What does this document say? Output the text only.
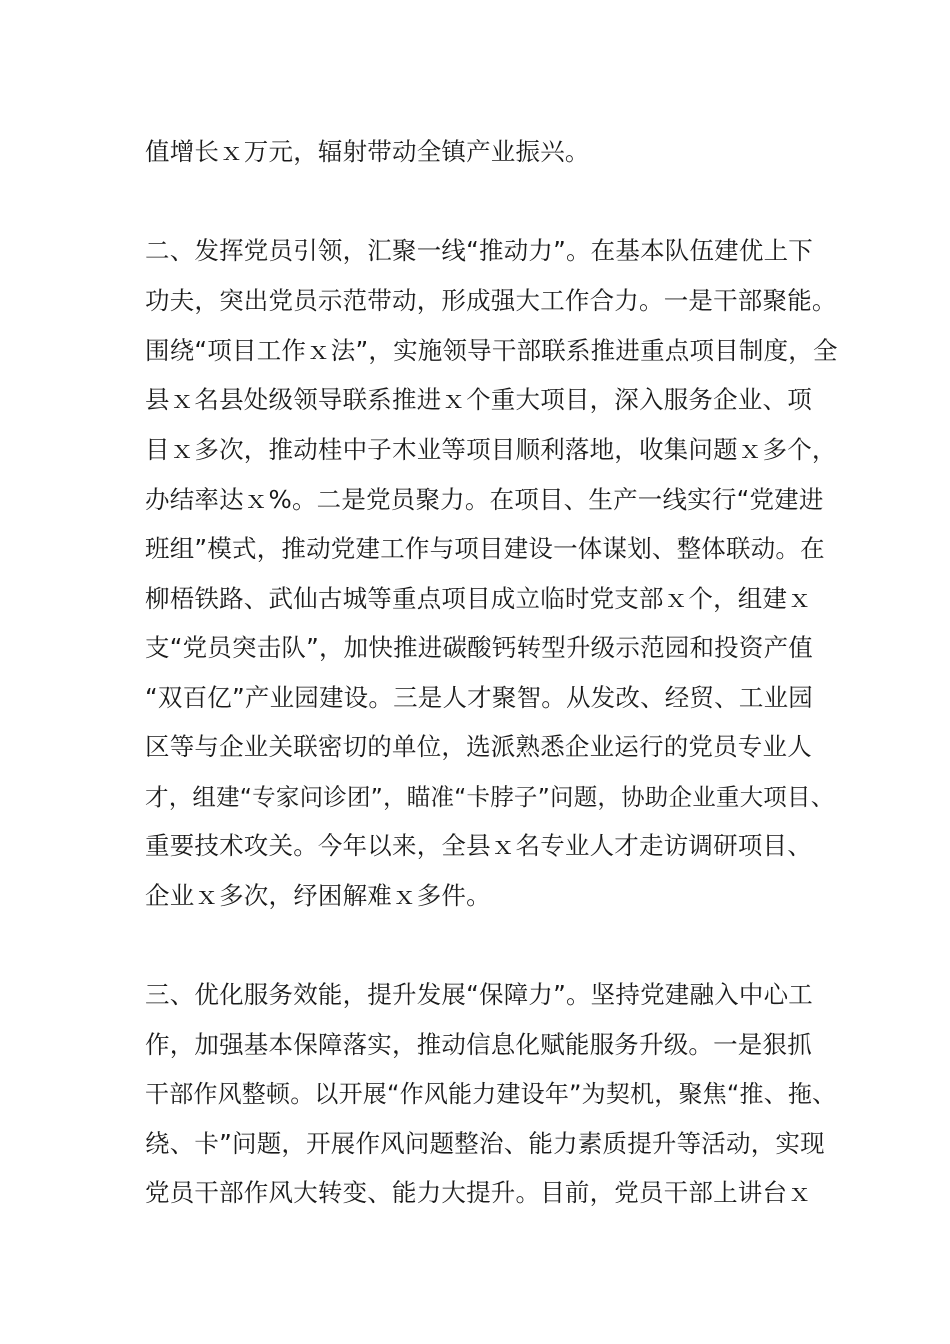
值增长ｘ万元，辐射带动全镇产业振兴。
二、发挥党员引领，汇聚一线“推动力”。在基本队伍建优上下
功夫，突出党员示范带动，形成强大工作合力。一是干部聚能。
围绕“项目工作ｘ法”，实施领导干部联系推进重点项目制度，全
县ｘ名县处级领导联系推进ｘ个重大项目，深入服务企业、项
目ｘ多次，推动桂中子木业等项目顺利落地，收集问题ｘ多个，
办结率达ｘ%。二是党员聚力。在项目、生产一线实行“党建进
班组”模式，推动党建工作与项目建设一体谋划、整体联动。在
柳梧铁路、武仙古城等重点项目成立临时党支部ｘ个，组建ｘ
支“党员突击队”，加快推进碳酸钙转型升级示范园和投资产值
“双百亿”产业园建设。三是人才聚智。从发改、经贸、工业园
区等与企业关联密切的单位，选派熟悉企业运行的党员专业人
才，组建“专家问诊团”，瞄准“卡脖子”问题，协助企业重大项目、
重要技术攻关。今年以来，全县ｘ名专业人才走访调研项目、
企业ｘ多次，纾困解难ｘ多件。
三、优化服务效能，提升发展“保障力”。坚持党建融入中心工
作，加强基本保障落实，推动信息化赋能服务升级。一是狠抓
干部作风整顿。以开展“作风能力建设年”为契机，聚焦“推、拖、
绕、卡”问题，开展作风问题整治、能力素质提升等活动，实现
党员干部作风大转变、能力大提升。目前，党员干部上讲台ｘ
